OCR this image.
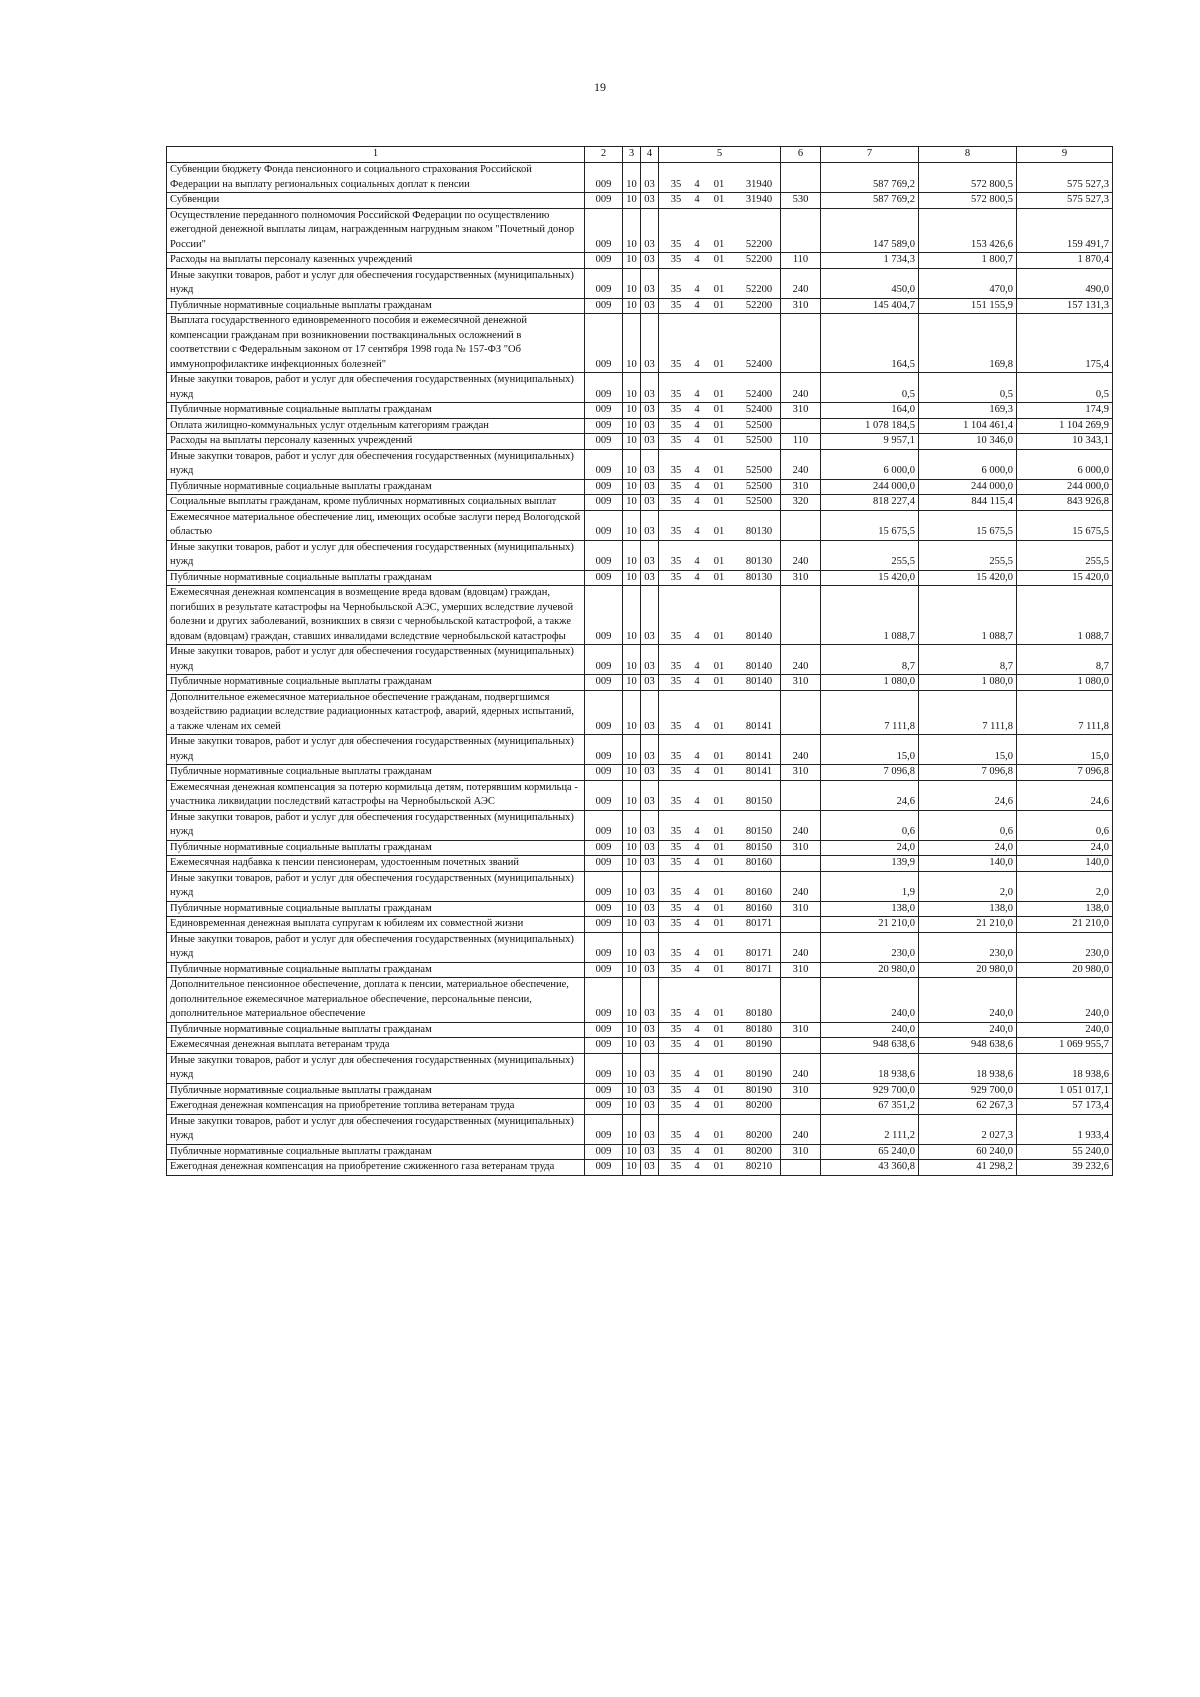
19
1	2	3	4	5	6	7	8	9
Субвенции бюджету Фонда пенсионного и социального страхования Российской Федерации на выплату региональных социальных доплат к пенсии	009	10	03	35 4 01 31940		587 769,2	572 800,5	575 527,3
Субвенции	009	10	03	35 4 01 31940	530	587 769,2	572 800,5	575 527,3
Осуществление переданного полномочия Российской Федерации по осуществлению ежегодной денежной выплаты лицам, награжденным нагрудным знаком "Почетный донор России"	009	10	03	35 4 01 52200		147 589,0	153 426,6	159 491,7
Расходы на выплаты персоналу казенных учреждений	009	10	03	35 4 01 52200	110	1 734,3	1 800,7	1 870,4
Иные закупки товаров, работ и услуг для обеспечения государственных (муниципальных) нужд	009	10	03	35 4 01 52200	240	450,0	470,0	490,0
Публичные нормативные социальные выплаты гражданам	009	10	03	35 4 01 52200	310	145 404,7	151 155,9	157 131,3
Выплата государственного единовременного пособия и ежемесячной денежной компенсации гражданам при возникновении поствакцинальных осложнений в соответствии с Федеральным законом от 17 сентября 1998 года № 157-ФЗ "Об иммунопрофилактике инфекционных болезней"	009	10	03	35 4 01 52400		164,5	169,8	175,4
Иные закупки товаров, работ и услуг для обеспечения государственных (муниципальных) нужд	009	10	03	35 4 01 52400	240	0,5	0,5	0,5
Публичные нормативные социальные выплаты гражданам	009	10	03	35 4 01 52400	310	164,0	169,3	174,9
Оплата жилищно-коммунальных услуг отдельным категориям граждан	009	10	03	35 4 01 52500		1 078 184,5	1 104 461,4	1 104 269,9
Расходы на выплаты персоналу казенных учреждений	009	10	03	35 4 01 52500	110	9 957,1	10 346,0	10 343,1
Иные закупки товаров, работ и услуг для обеспечения государственных (муниципальных) нужд	009	10	03	35 4 01 52500	240	6 000,0	6 000,0	6 000,0
Публичные нормативные социальные выплаты гражданам	009	10	03	35 4 01 52500	310	244 000,0	244 000,0	244 000,0
Социальные выплаты гражданам, кроме публичных нормативных социальных выплат	009	10	03	35 4 01 52500	320	818 227,4	844 115,4	843 926,8
Ежемесячное материальное обеспечение лиц, имеющих особые заслуги перед Вологодской областью	009	10	03	35 4 01 80130		15 675,5	15 675,5	15 675,5
Иные закупки товаров, работ и услуг для обеспечения государственных (муниципальных) нужд	009	10	03	35 4 01 80130	240	255,5	255,5	255,5
Публичные нормативные социальные выплаты гражданам	009	10	03	35 4 01 80130	310	15 420,0	15 420,0	15 420,0
Ежемесячная денежная компенсация в возмещение вреда вдовам (вдовцам) граждан, погибших в результате катастрофы на Чернобыльской АЭС, умерших вследствие лучевой болезни и других заболеваний, возникших в связи с чернобыльской катастрофой, а также вдовам (вдовцам) граждан, ставших инвалидами вследствие чернобыльской катастрофы	009	10	03	35 4 01 80140		1 088,7	1 088,7	1 088,7
Иные закупки товаров, работ и услуг для обеспечения государственных (муниципальных) нужд	009	10	03	35 4 01 80140	240	8,7	8,7	8,7
Публичные нормативные социальные выплаты гражданам	009	10	03	35 4 01 80140	310	1 080,0	1 080,0	1 080,0
Дополнительное ежемесячное материальное обеспечение гражданам, подвергшимся воздействию радиации вследствие радиационных катастроф, аварий, ядерных испытаний, а также членам их семей	009	10	03	35 4 01 80141		7 111,8	7 111,8	7 111,8
Иные закупки товаров, работ и услуг для обеспечения государственных (муниципальных) нужд	009	10	03	35 4 01 80141	240	15,0	15,0	15,0
Публичные нормативные социальные выплаты гражданам	009	10	03	35 4 01 80141	310	7 096,8	7 096,8	7 096,8
Ежемесячная денежная компенсация за потерю кормильца детям, потерявшим кормильца - участника ликвидации последствий катастрофы на Чернобыльской АЭС	009	10	03	35 4 01 80150		24,6	24,6	24,6
Иные закупки товаров, работ и услуг для обеспечения государственных (муниципальных) нужд	009	10	03	35 4 01 80150	240	0,6	0,6	0,6
Публичные нормативные социальные выплаты гражданам	009	10	03	35 4 01 80150	310	24,0	24,0	24,0
Ежемесячная надбавка к пенсии пенсионерам, удостоенным почетных званий	009	10	03	35 4 01 80160		139,9	140,0	140,0
Иные закупки товаров, работ и услуг для обеспечения государственных (муниципальных) нужд	009	10	03	35 4 01 80160	240	1,9	2,0	2,0
Публичные нормативные социальные выплаты гражданам	009	10	03	35 4 01 80160	310	138,0	138,0	138,0
Единовременная денежная выплата супругам к юбилеям их совместной жизни	009	10	03	35 4 01 80171		21 210,0	21 210,0	21 210,0
Иные закупки товаров, работ и услуг для обеспечения государственных (муниципальных) нужд	009	10	03	35 4 01 80171	240	230,0	230,0	230,0
Публичные нормативные социальные выплаты гражданам	009	10	03	35 4 01 80171	310	20 980,0	20 980,0	20 980,0
Дополнительное пенсионное обеспечение, доплата к пенсии, материальное обеспечение, дополнительное ежемесячное материальное обеспечение, персональные пенсии, дополнительное материальное обеспечение	009	10	03	35 4 01 80180		240,0	240,0	240,0
Публичные нормативные социальные выплаты гражданам	009	10	03	35 4 01 80180	310	240,0	240,0	240,0
Ежемесячная денежная выплата ветеранам труда	009	10	03	35 4 01 80190		948 638,6	948 638,6	1 069 955,7
Иные закупки товаров, работ и услуг для обеспечения государственных (муниципальных) нужд	009	10	03	35 4 01 80190	240	18 938,6	18 938,6	18 938,6
Публичные нормативные социальные выплаты гражданам	009	10	03	35 4 01 80190	310	929 700,0	929 700,0	1 051 017,1
Ежегодная денежная компенсация на приобретение топлива ветеранам труда	009	10	03	35 4 01 80200		67 351,2	62 267,3	57 173,4
Иные закупки товаров, работ и услуг для обеспечения государственных (муниципальных) нужд	009	10	03	35 4 01 80200	240	2 111,2	2 027,3	1 933,4
Публичные нормативные социальные выплаты гражданам	009	10	03	35 4 01 80200	310	65 240,0	60 240,0	55 240,0
Ежегодная денежная компенсация на приобретение сжиженного газа ветеранам труда	009	10	03	35 4 01 80210		43 360,8	41 298,2	39 232,6
